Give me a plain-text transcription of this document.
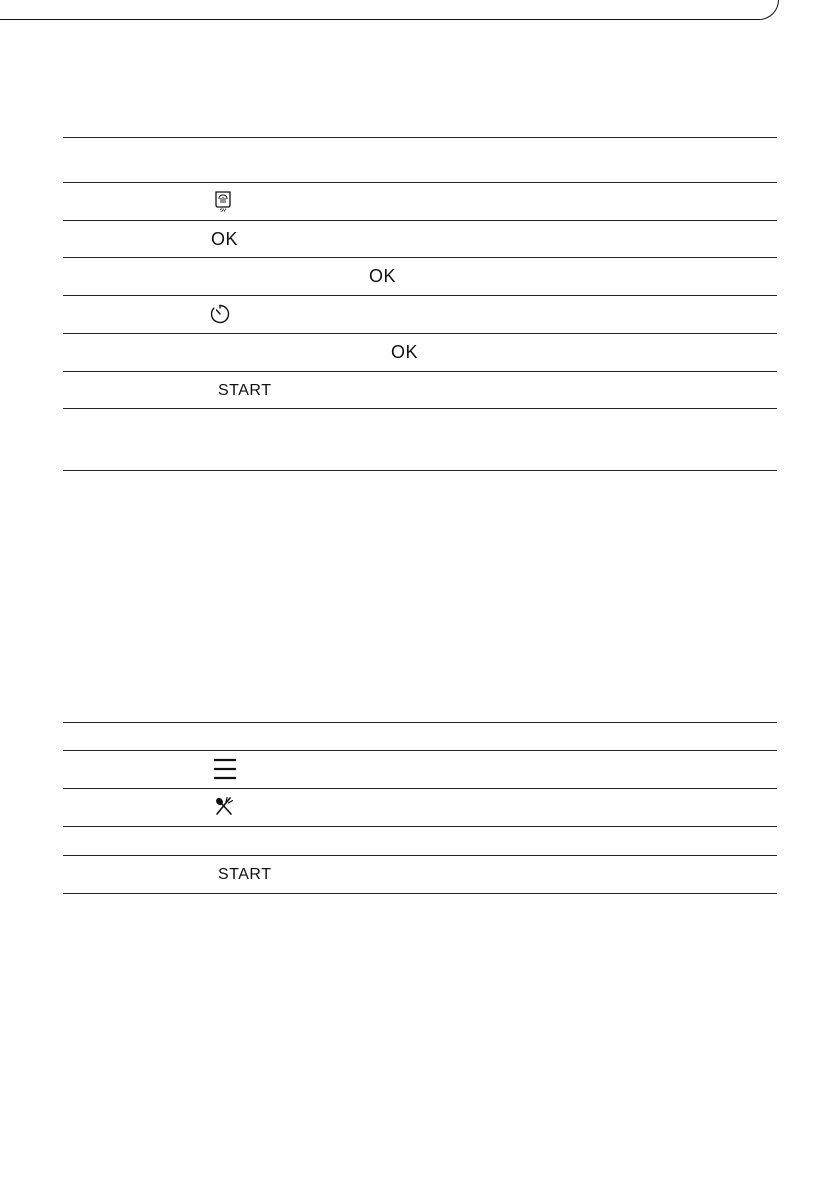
SV
OK
OK
OK
START
START
